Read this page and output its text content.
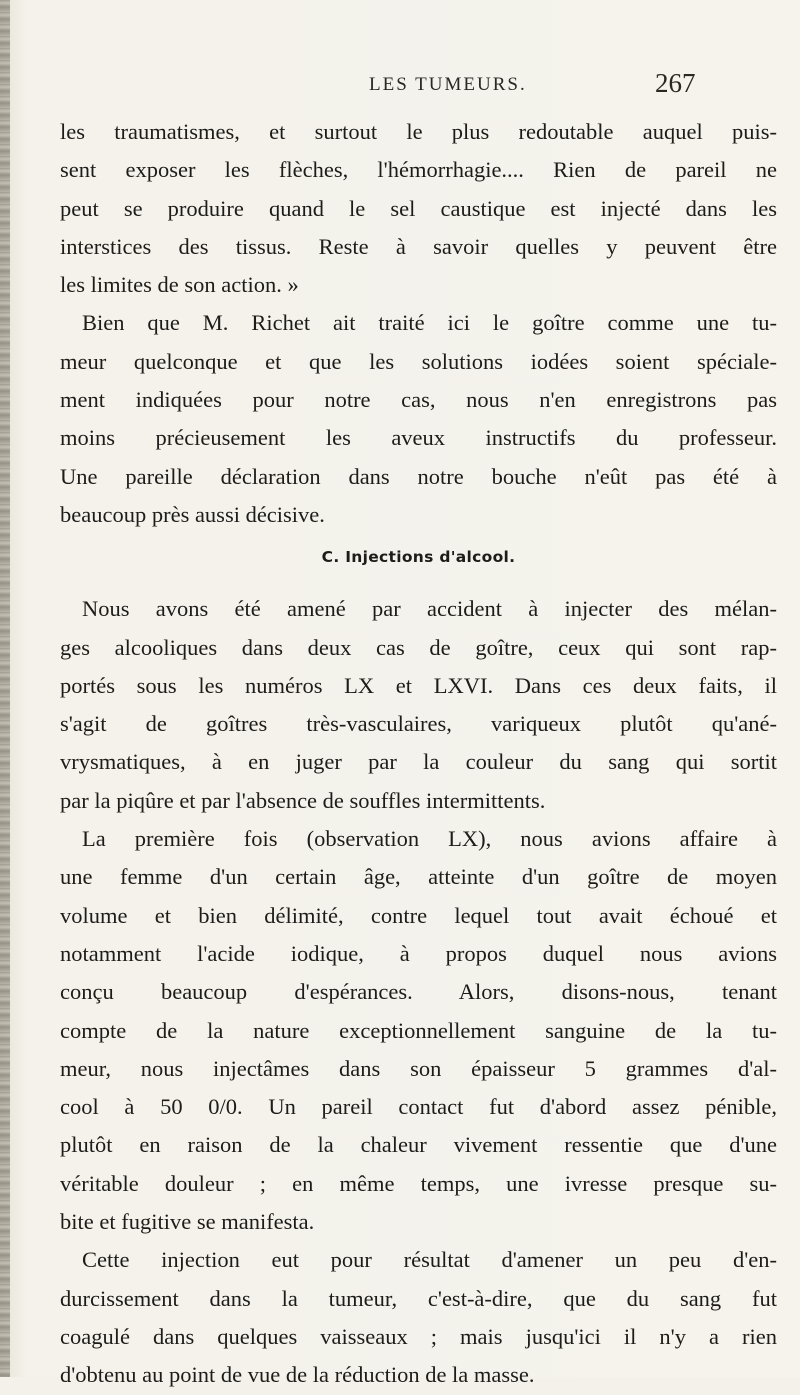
LES TUMEURS.	267
les traumatismes, et surtout le plus redoutable auquel puis-
sent exposer les flèches, l'hémorrhagie.... Rien de pareil ne
peut se produire quand le sel caustique est injecté dans les
interstices des tissus. Reste à savoir quelles y peuvent être
les limites de son action. »
Bien que M. Richet ait traité ici le goître comme une tu-
meur quelconque et que les solutions iodées soient spéciale-
ment indiquées pour notre cas, nous n'en enregistrons pas
moins précieusement les aveux instructifs du professeur.
Une pareille déclaration dans notre bouche n'eût pas été à
beaucoup près aussi décisive.
C. Injections d'alcool.
Nous avons été amené par accident à injecter des mélan-
ges alcooliques dans deux cas de goître, ceux qui sont rap-
portés sous les numéros LX et LXVI. Dans ces deux faits, il
s'agit de goîtres très-vasculaires, variqueux plutôt qu'ané-
vrysmatiques, à en juger par la couleur du sang qui sortit
par la piqûre et par l'absence de souffles intermittents.
La première fois (observation LX), nous avions affaire à
une femme d'un certain âge, atteinte d'un goître de moyen
volume et bien délimité, contre lequel tout avait échoué et
notamment l'acide iodique, à propos duquel nous avions
conçu beaucoup d'espérances. Alors, disons-nous, tenant
compte de la nature exceptionnellement sanguine de la tu-
meur, nous injectâmes dans son épaisseur 5 grammes d'al-
cool à 50 0/0. Un pareil contact fut d'abord assez pénible,
plutôt en raison de la chaleur vivement ressentie que d'une
véritable douleur ; en même temps, une ivresse presque su-
bite et fugitive se manifesta.
Cette injection eut pour résultat d'amener un peu d'en-
durcissement dans la tumeur, c'est-à-dire, que du sang fut
coagulé dans quelques vaisseaux ; mais jusqu'ici il n'y a rien
d'obtenu au point de vue de la réduction de la masse.
